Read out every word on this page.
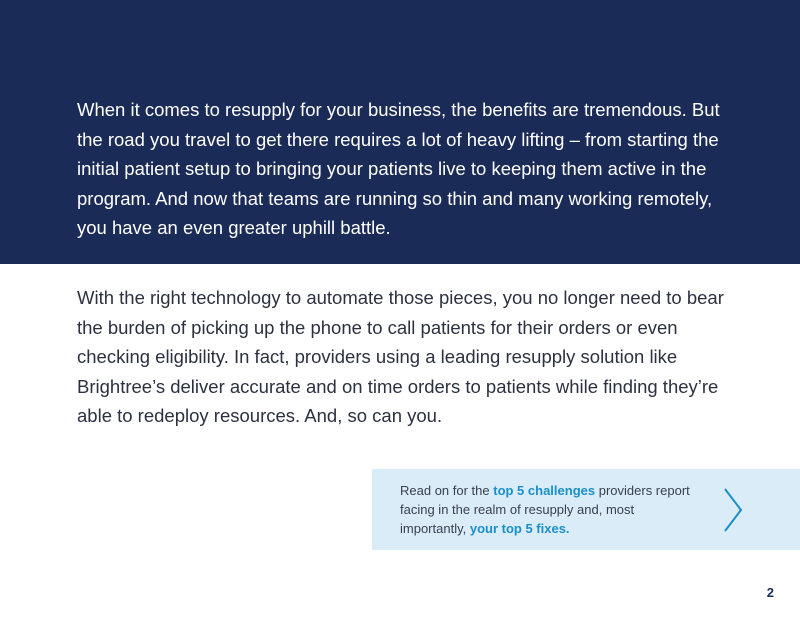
When it comes to resupply for your business, the benefits are tremendous. But the road you travel to get there requires a lot of heavy lifting – from starting the initial patient setup to bringing your patients live to keeping them active in the program. And now that teams are running so thin and many working remotely, you have an even greater uphill battle.

With the right technology to automate those pieces, you no longer need to bear the burden of picking up the phone to call patients for their orders or even checking eligibility. In fact, providers using a leading resupply solution like Brightree’s deliver accurate and on time orders to patients while finding they’re able to redeploy resources. And, so can you.

Read on for the top 5 challenges providers report facing in the realm of resupply and, most importantly, your top 5 fixes.

2
